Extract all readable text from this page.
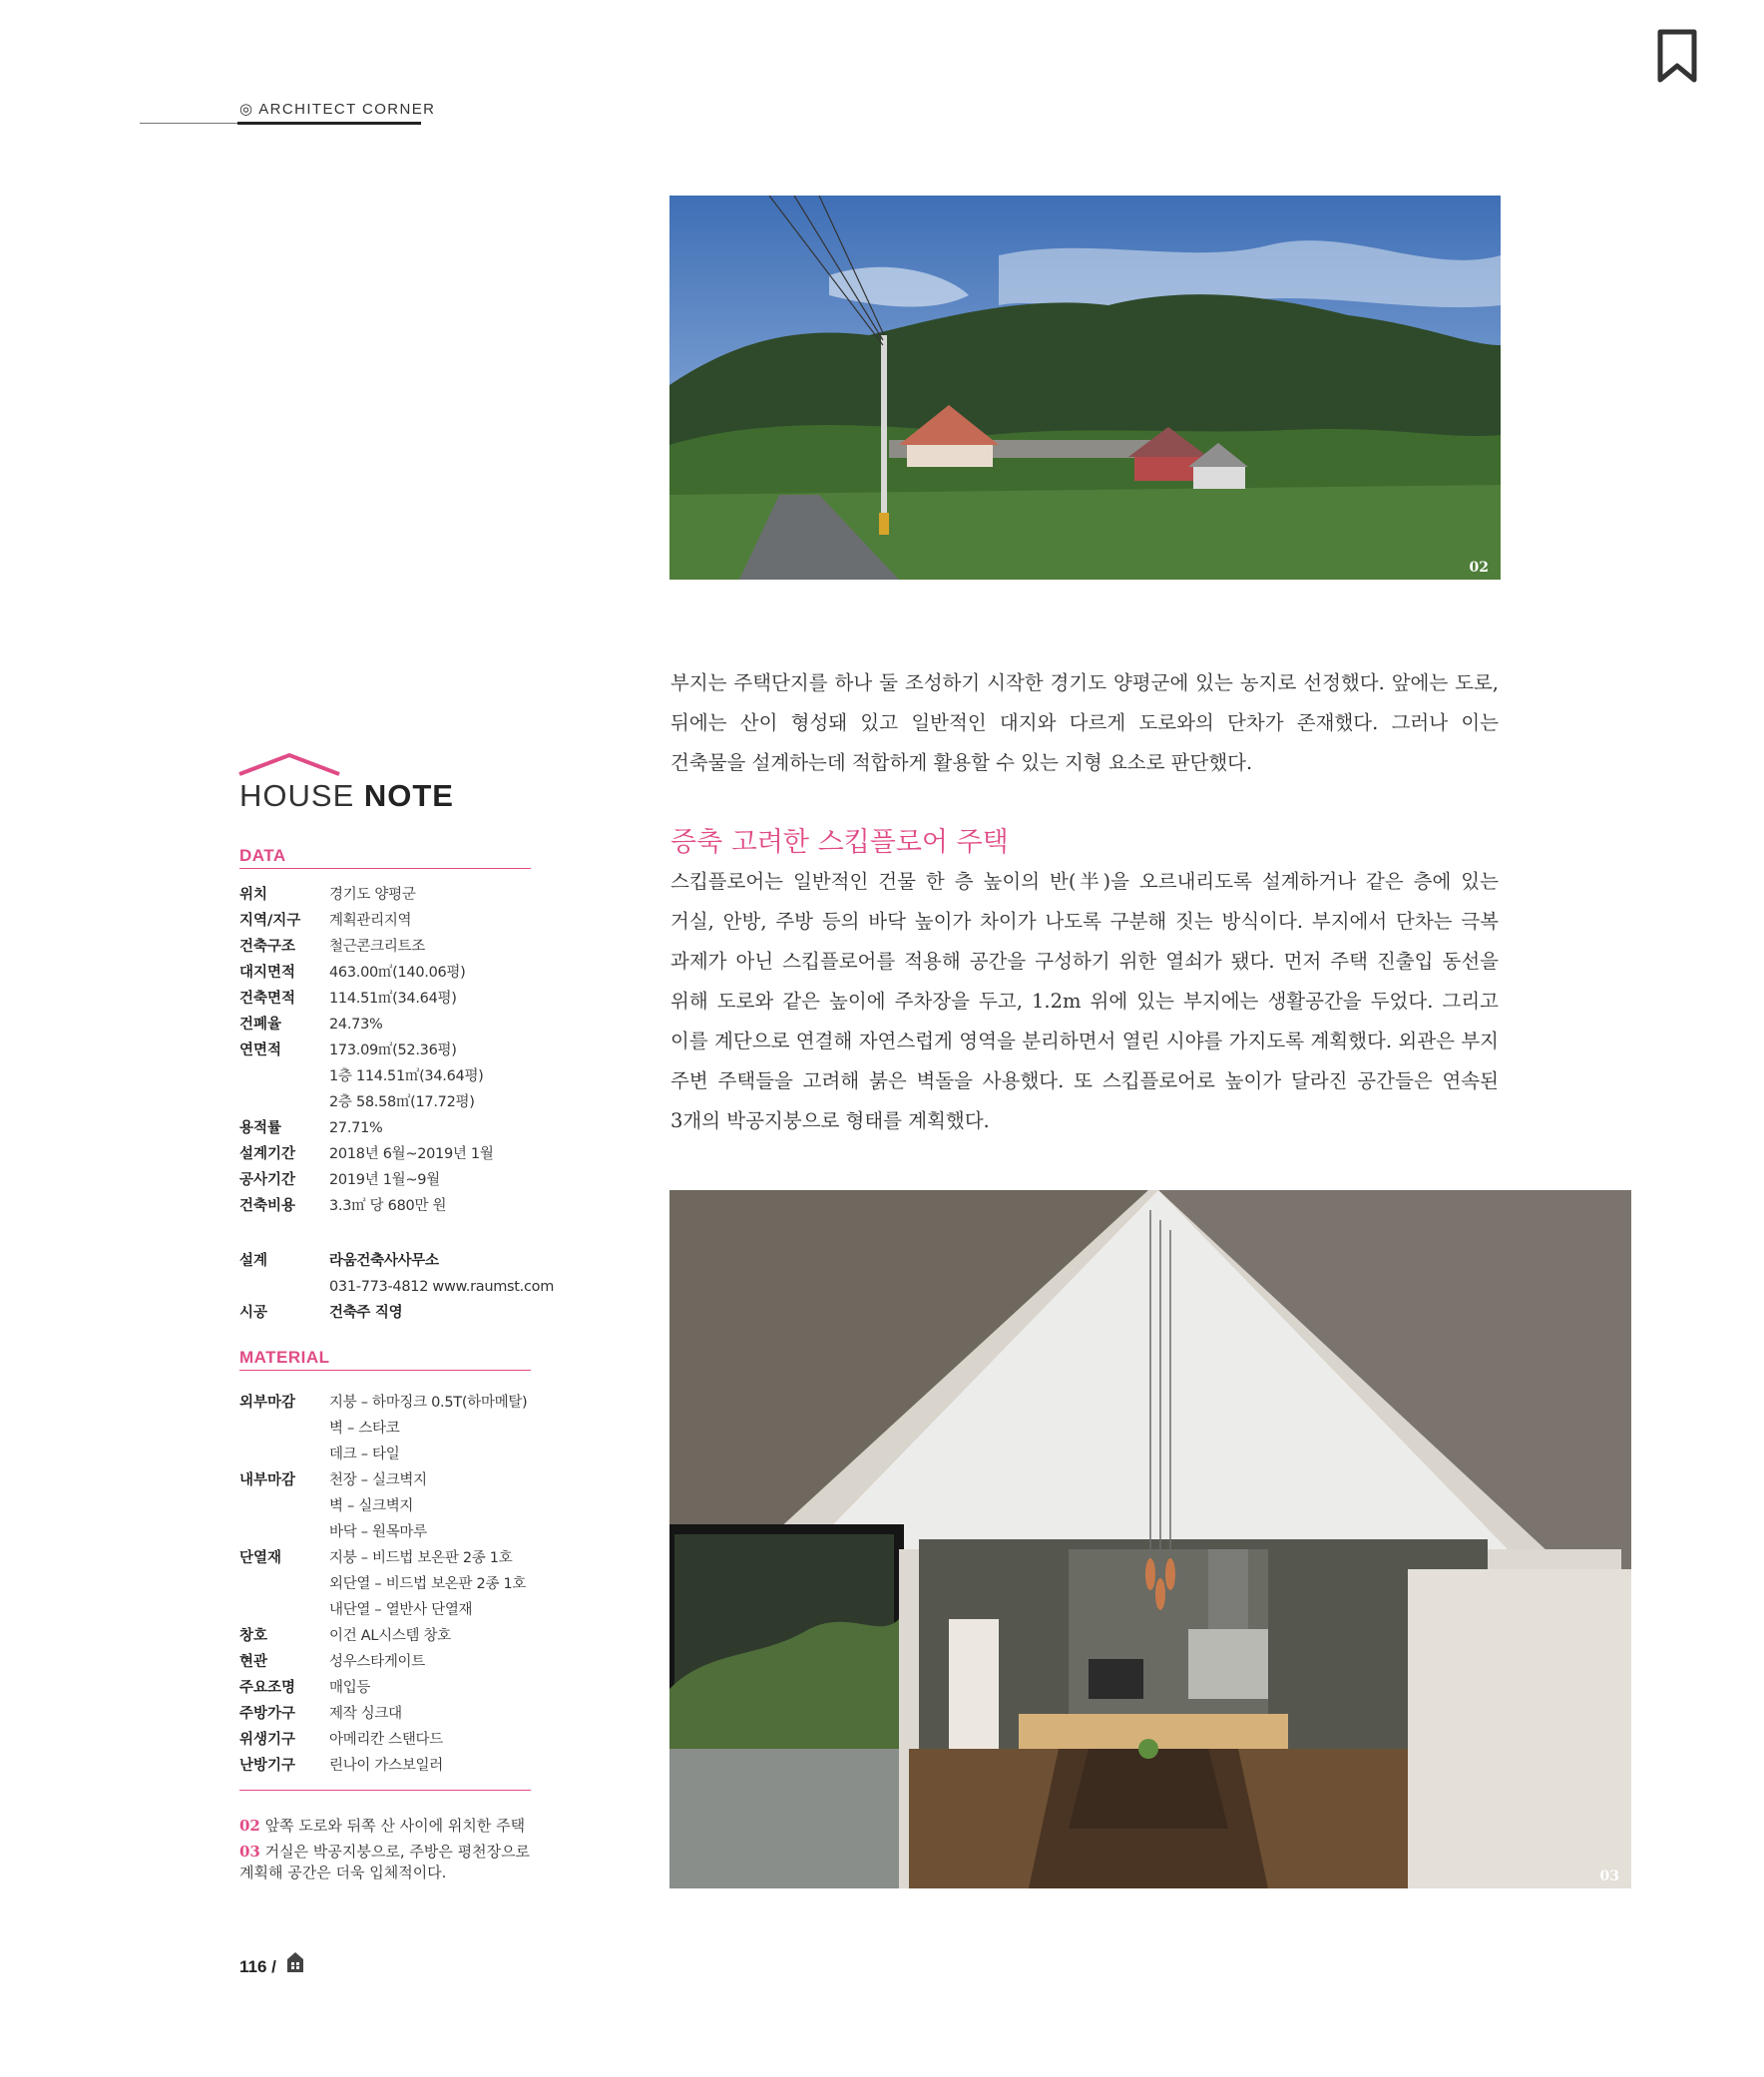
◎ ARCHITECT CORNER
02
부지는 주택단지를 하나 둘 조성하기 시작한 경기도 양평군에 있는 농지로 선정했다. 앞에는 도로, 뒤에는 산이 형성돼 있고 일반적인 대지와 다르게 도로와의 단차가 존재했다. 그러나 이는 건축물을 설계하는데 적합하게 활용할 수 있는 지형 요소로 판단했다.
증축 고려한 스킵플로어 주택
스킵플로어는 일반적인 건물 한 층 높이의 반(半)을 오르내리도록 설계하거나 같은 층에 있는 거실, 안방, 주방 등의 바닥 높이가 차이가 나도록 구분해 짓는 방식이다. 부지에서 단차는 극복 과제가 아닌 스킵플로어를 적용해 공간을 구성하기 위한 열쇠가 됐다. 먼저 주택 진출입 동선을 위해 도로와 같은 높이에 주차장을 두고, 1.2m 위에 있는 부지에는 생활공간을 두었다. 그리고 이를 계단으로 연결해 자연스럽게 영역을 분리하면서 열린 시야를 가지도록 계획했다. 외관은 부지 주변 주택들을 고려해 붉은 벽돌을 사용했다. 또 스킵플로어로 높이가 달라진 공간들은 연속된 3개의 박공지붕으로 형태를 계획했다.
03
HOUSE NOTE
DATA
위치	경기도 양평군
지역/지구 계획관리지역
건축구조 철근콘크리트조
대지면적 463.00㎡(140.06평)
건축면적 114.51㎡(34.64평)
건폐율	24.73%
연면적	173.09㎡(52.36평)
1층 114.51㎡(34.64평)
2층 58.58㎡(17.72평)
용적률	27.71%
설계기간 2018년 6월~2019년 1월
공사기간 2019년 1월~9월
건축비용 3.3㎡ 당 680만 원
설계	라움건축사사무소
031-773-4812 www.raumst.com
시공	건축주 직영
MATERIAL
외부마감 지붕 – 하마징크 0.5T(하마메탈)
벽 – 스타코
데크 – 타일
내부마감 천장 – 실크벽지
벽 – 실크벽지
바닥 – 원목마루
단열재	지붕 – 비드법 보온판 2종 1호
외단열 – 비드법 보온판 2종 1호
내단열 – 열반사 단열재
창호	이건 AL시스템 창호
현관	성우스타게이트
주요조명 매입등
주방가구 제작 싱크대
위생기구 아메리칸 스탠다드
난방기구 린나이 가스보일러
02 앞쪽 도로와 뒤쪽 산 사이에 위치한 주택
03 거실은 박공지붕으로, 주방은 평천장으로 계획해 공간은 더욱 입체적이다.
116 /
